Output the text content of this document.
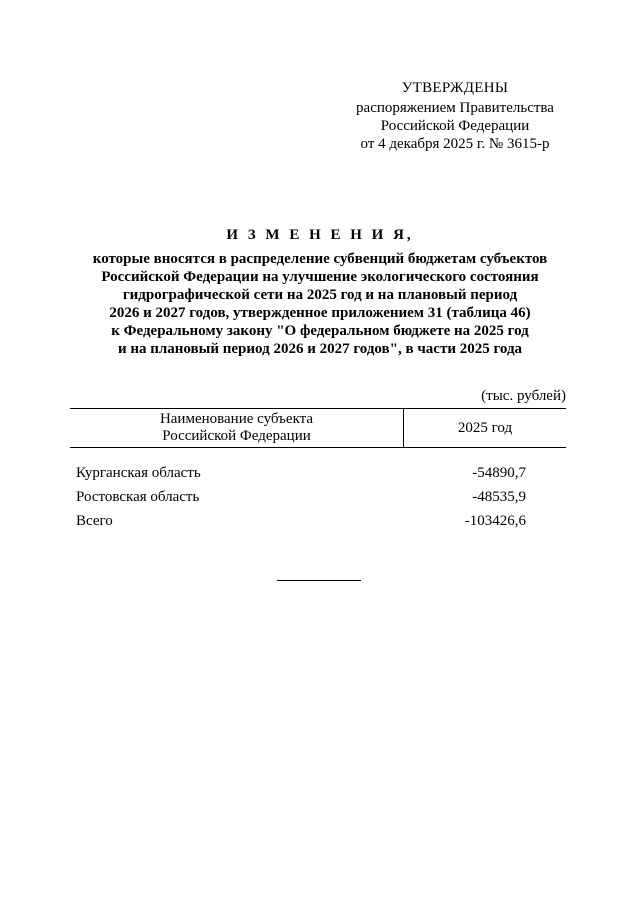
УТВЕРЖДЕНЫ
распоряжением Правительства
Российской Федерации
от 4 декабря 2025 г. № 3615-р
И З М Е Н Е Н И Я,
которые вносятся в распределение субвенций бюджетам субъектов
Российской Федерации на улучшение экологического состояния
гидрографической сети на 2025 год и на плановый период
2026 и 2027 годов, утвержденное приложением 31 (таблица 46)
к Федеральному закону "О федеральном бюджете на 2025 год
и на плановый период 2026 и 2027 годов", в части 2025 года
(тыс. рублей)
Наименование субъекта
Российской Федерации	2025 год
Курганская область	-54890,7
Ростовская область	-48535,9
Всего	-103426,6
